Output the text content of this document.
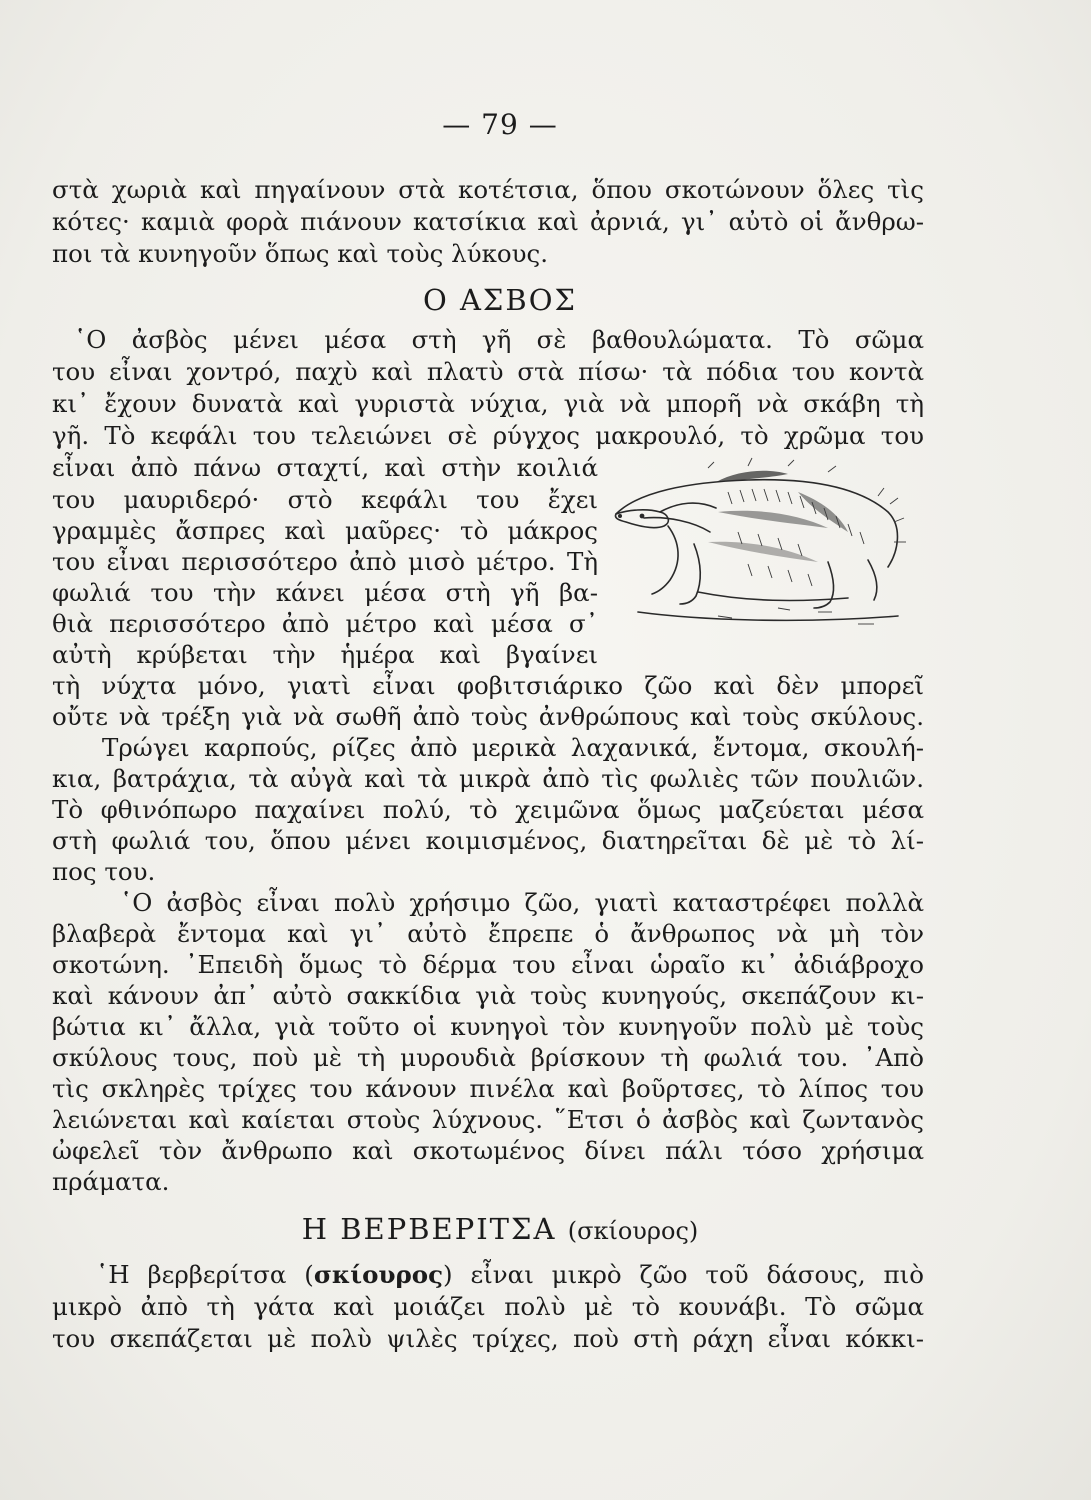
— 79 —
στὰ χωριὰ καὶ πηγαίνουν στὰ κοτέτσια, ὅπου σκοτώνουν ὅλες τὶς
κότες· καμιὰ φορὰ πιάνουν κατσίκια καὶ ἀρνιά, γι᾽ αὐτὸ οἱ ἄνθρω-
ποι τὰ κυνηγοῦν ὅπως καὶ τοὺς λύκους.
Ο ΑΣΒΟΣ
῾Ο ἀσβὸς μένει μέσα στὴ γῆ σὲ βαθουλώματα. Τὸ σῶμα
του εἶναι χοντρό, παχὺ καὶ πλατὺ στὰ πίσω· τὰ πόδια του κοντὰ
κι᾽ ἔχουν δυνατὰ καὶ γυριστὰ νύχια, γιὰ νὰ μπορῆ νὰ σκάβη τὴ
γῆ. Τὸ κεφάλι του τελειώνει σὲ ρύγχος μακρουλό, τὸ χρῶμα του
εἶναι ἀπὸ πάνω σταχτί, καὶ στὴν κοιλιά
του μαυριδερό· στὸ κεφάλι του ἔχει
γραμμὲς ἄσπρες καὶ μαῦρες· τὸ μάκρος
του εἶναι περισσότερο ἀπὸ μισὸ μέτρο. Τὴ
φωλιά του τὴν κάνει μέσα στὴ γῆ βα-
θιὰ περισσότερο ἀπὸ μέτρο καὶ μέσα σ᾽
αὐτὴ κρύβεται τὴν ἡμέρα καὶ βγαίνει
τὴ νύχτα μόνο, γιατὶ εἶναι φοβιτσιάρικο ζῶο καὶ δὲν μπορεῖ
οὔτε νὰ τρέξη γιὰ νὰ σωθῆ ἀπὸ τοὺς ἀνθρώπους καὶ τοὺς σκύλους.
Τρώγει καρπούς, ρίζες ἀπὸ μερικὰ λαχανικά, ἔντομα, σκουλή-
κια, βατράχια, τὰ αὐγὰ καὶ τὰ μικρὰ ἀπὸ τὶς φωλιὲς τῶν πουλιῶν.
Τὸ φθινόπωρο παχαίνει πολύ, τὸ χειμῶνα ὅμως μαζεύεται μέσα
στὴ φωλιά του, ὅπου μένει κοιμισμένος, διατηρεῖται δὲ μὲ τὸ λί-
πος του.
῾Ο ἀσβὸς εἶναι πολὺ χρήσιμο ζῶο, γιατὶ καταστρέφει πολλὰ
βλαβερὰ ἔντομα καὶ γι᾽ αὐτὸ ἔπρεπε ὁ ἄνθρωπος νὰ μὴ τὸν
σκοτώνη. ᾿Επειδὴ ὅμως τὸ δέρμα του εἶναι ὡραῖο κι᾽ ἀδιάβροχο
καὶ κάνουν ἀπ᾽ αὐτὸ σακκίδια γιὰ τοὺς κυνηγούς, σκεπάζουν κι-
βώτια κι᾽ ἄλλα, γιὰ τοῦτο οἱ κυνηγοὶ τὸν κυνηγοῦν πολὺ μὲ τοὺς
σκύλους τους, ποὺ μὲ τὴ μυρουδιὰ βρίσκουν τὴ φωλιά του. ᾿Απὸ
τὶς σκληρὲς τρίχες του κάνουν πινέλα καὶ βοῦρτσες, τὸ λίπος του
λειώνεται καὶ καίεται στοὺς λύχνους. ῞Ετσι ὁ ἀσβὸς καὶ ζωντανὸς
ὠφελεῖ τὸν ἄνθρωπο καὶ σκοτωμένος δίνει πάλι τόσο χρήσιμα
πράματα.
Η ΒΕΡΒΕΡΙΤΣΑ (σκίουρος)
῾Η βερβερίτσα (σκίουρος) εἶναι μικρὸ ζῶο τοῦ δάσους, πιὸ
μικρὸ ἀπὸ τὴ γάτα καὶ μοιάζει πολὺ μὲ τὸ κουνάβι. Τὸ σῶμα
του σκεπάζεται μὲ πολὺ ψιλὲς τρίχες, ποὺ στὴ ράχη εἶναι κόκκι-
